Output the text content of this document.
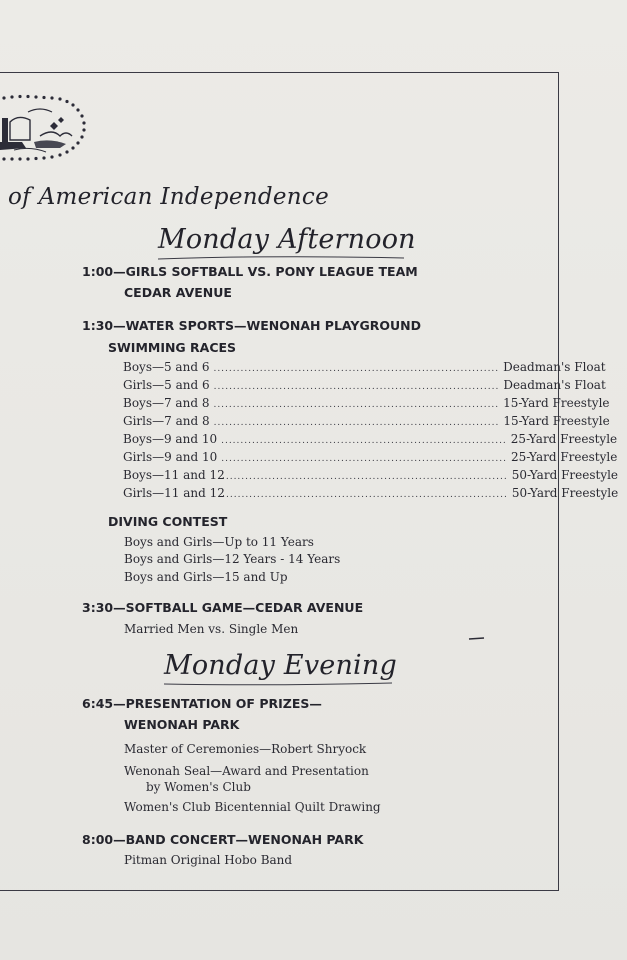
of American Independence
Monday Afternoon
1:00—GIRLS SOFTBALL VS. PONY LEAGUE TEAM
CEDAR AVENUE
1:30—WATER SPORTS—WENONAH PLAYGROUND
SWIMMING RACES
Boys— 5 and 6 .......................................................................... Deadman's Float
Girls— 5 and 6 .......................................................................... Deadman's Float
Boys— 7 and 8 .......................................................................... 15-Yard Freestyle
Girls— 7 and 8 .......................................................................... 15-Yard Freestyle
Boys— 9 and 10 .......................................................................... 25-Yard Freestyle
Girls— 9 and 10 .......................................................................... 25-Yard Freestyle
Boys— 11 and 12
.......................................................................... 50-Yard Freestyle
Girls— 11 and 12
.......................................................................... 50-Yard Freestyle
DIVING CONTEST
Boys and Girls—Up to 11 Years
Boys and Girls—12 Years - 14 Years
Boys and Girls—15 and Up
3:30—SOFTBALL GAME—CEDAR AVENUE
Married Men vs. Single Men
Monday Evening
6:45—PRESENTATION OF PRIZES—
WENONAH PARK
Master of Ceremonies—Robert Shryock
Wenonah Seal—Award and Presentation
by Women's Club
Women's Club Bicentennial Quilt Drawing
8:00—BAND CONCERT—WENONAH PARK
Pitman Original Hobo Band
